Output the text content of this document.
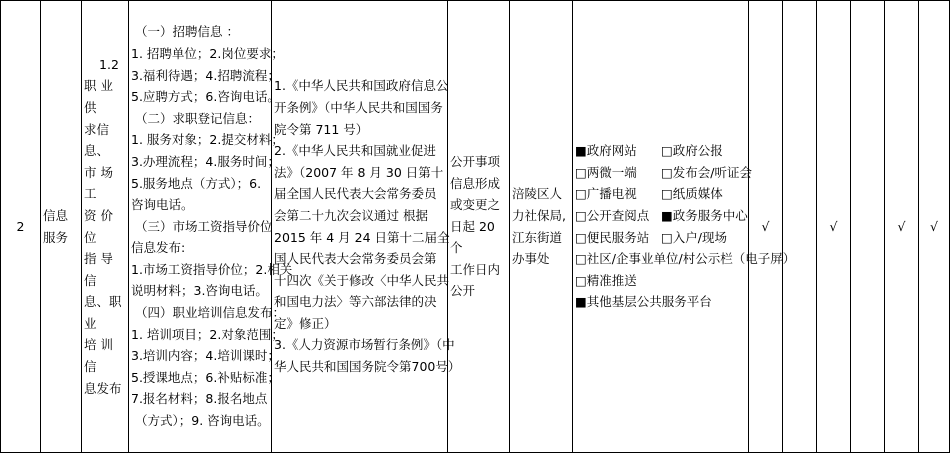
2	
信息
服务

1.2
职 业 供
求信息、
市 场 工
资 价 位
指 导 信
息、职业
培 训 信
息发布

（一）招聘信息 ：
1. 招聘单位；2.岗位要求；
3.福利待遇；4.招聘流程；
5.应聘方式；6.咨询电话。
（二）求职登记信息：
1. 服务对象；2.提交材料；
3.办理流程；4.服务时间；
5.服务地点（方式）；6.
咨询电话。
（三）市场工资指导价位
信息发布:
1.市场工资指导价位；2.相关
说明材料；3.咨询电话。
（四）职业培训信息发布：
1. 培训项目；2.对象范围；
3.培训内容；4.培训课时；
5.授课地点；6.补贴标准；
7.报名材料；8.报名地点
（方式）；9. 咨询电话。

1.《中华人民共和国政府信息公
开条例》（中华人民共和国国务
院令第 711 号）
2.《中华人民共和国就业促进
法》（2007 年 8 月 30 日第十
届全国人民代表大会常务委员
会第二十九次会议通过 根据
2015 年 4 月 24 日第十二届全
国人民代表大会常务委员会第
十四次《关于修改〈中华人民共
和国电力法〉等六部法律的决
定》修正）
3.《人力资源市场暂行条例》（中
华人民共和国国务院令第700号）

公开事项
信息形成
或变更之
日起 20 个
工作日内
公开

涪陵区人
力社保局,
江东街道
办事处

■政府网站	□政府公报
□两微一端	□发布会/听证会
□广播电视	□纸质媒体
□公开查阅点 ■政务服务中心
□便民服务站 □入户/现场
□社区/企事业单位/村公示栏（电子屏）
□精准推送
■其他基层公共服务平台
	√		√		√	√
